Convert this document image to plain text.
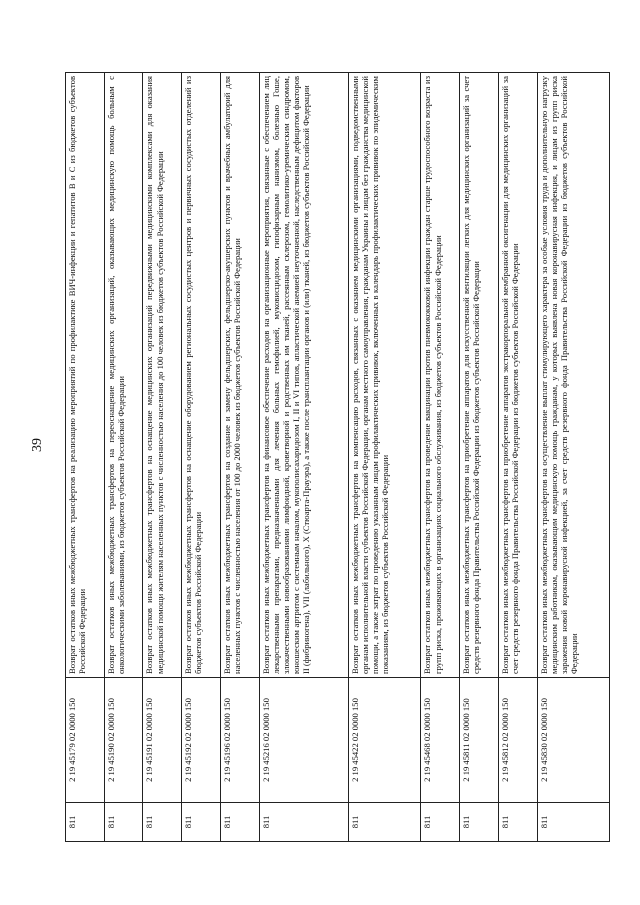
39
811	2 19 45179 02 0000 150	Возврат остатков иных межбюджетных трансфертов на реализацию мероприятий по профилактике ВИЧ-инфекции и гепатитов B и C из бюджетов субъектов Российской Федерации
811	2 19 45190 02 0000 150	Возврат остатков иных межбюджетных трансфертов на переоснащение медицинских организаций, оказывающих медицинскую помощь больным с онкологическими заболеваниями, из бюджетов субъектов Российской Федерации
811	2 19 45191 02 0000 150	Возврат остатков иных межбюджетных трансфертов на оснащение медицинских организаций передвижными медицинскими комплексами для оказания медицинской помощи жителям населенных пунктов с численностью населения до 100 человек из бюджетов субъектов Российской Федерации
811	2 19 45192 02 0000 150	Возврат остатков иных межбюджетных трансфертов на оснащение оборудованием региональных сосудистых центров и первичных сосудистых отделений из бюджетов субъектов Российской Федерации
811	2 19 45196 02 0000 150	Возврат остатков иных межбюджетных трансфертов на создание и замену фельдшерских, фельдшерско-акушерских пунктов и врачебных амбулаторий для населенных пунктов с численностью населения от 100 до 2000 человек из бюджетов субъектов Российской Федерации
811	2 19 45216 02 0000 150	Возврат остатков иных межбюджетных трансфертов на финансовое обеспечение расходов на организационные мероприятия, связанные с обеспечением лиц лекарственными препаратами, предназначенными для лечения больных гемофилией, муковисцидозом, гипофизарным нанизмом, болезнью Гоше, злокачественными новообразованиями лимфоидной, кроветворной и родственных им тканей, рассеянным склерозом, гемолитико-уремическим синдромом, юношеским артритом с системным началом, мукополисахаридозом I, II и VI типов, апластической анемией неуточненной, наследственным дефицитом факторов II (фибриногена), VII (лабильного), X (Стюарта-Прауэра), а также после трансплантации органов и (или) тканей, из бюджетов субъектов Российской Федерации
811	2 19 45422 02 0000 150	Возврат остатков иных межбюджетных трансфертов на компенсацию расходов, связанных с оказанием медицинскими организациями, подведомственными органам исполнительной власти субъектов Российской Федерации, органам местного самоуправления, гражданам Украины и лицам без гражданства медицинской помощи, а также затрат по проведению указанным лицам профилактических прививок, включенных в календарь профилактических прививок по эпидемическим показаниям, из бюджетов субъектов Российской Федерации
811	2 19 45468 02 0000 150	Возврат остатков иных межбюджетных трансфертов на проведение вакцинации против пневмококковой инфекции граждан старше трудоспособного возраста из групп риска, проживающих в организациях социального обслуживания, из бюджетов субъектов Российской Федерации
811	2 19 45811 02 0000 150	Возврат остатков иных межбюджетных трансфертов на приобретение аппаратов для искусственной вентиляции легких для медицинских организаций за счет средств резервного фонда Правительства Российской Федерации из бюджетов субъектов Российской Федерации
811	2 19 45812 02 0000 150	Возврат остатков иных межбюджетных трансфертов на приобретение аппаратов экстракорпоральной мембранной оксигенации для медицинских организаций за счет средств резервного фонда Правительства Российской Федерации из бюджетов субъектов Российской Федерации
811	2 19 45830 02 0000 150	Возврат остатков иных межбюджетных трансфертов на осуществление выплат стимулирующего характера за особые условия труда и дополнительную нагрузку медицинским работникам, оказывающим медицинскую помощь гражданам, у которых выявлена новая коронавирусная инфекция, и лицам из групп риска заражения новой коронавирусной инфекцией, за счет средств резервного фонда Правительства Российской Федерации из бюджетов субъектов Российской Федерации
